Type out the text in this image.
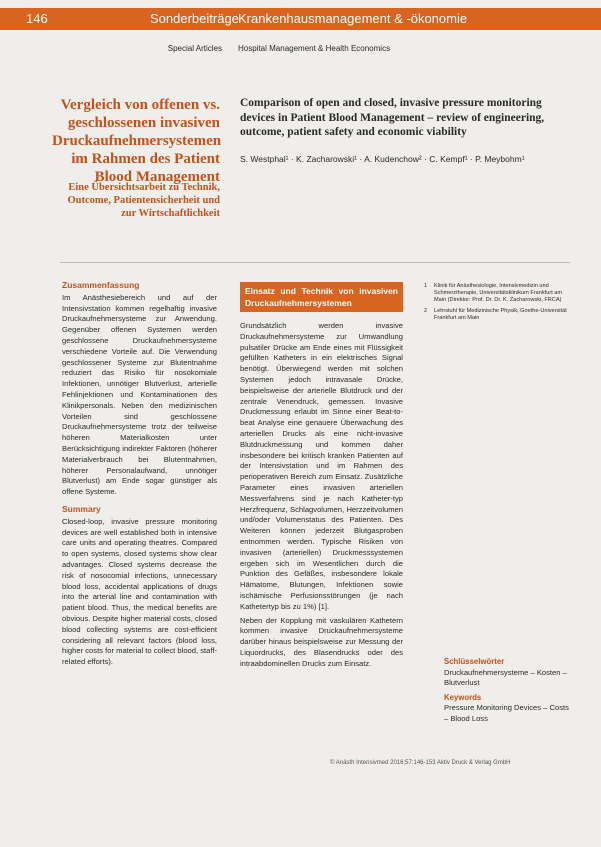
146	Sonderbeiträge Krankenhausmanagement & -ökonomie
Special Articles Hospital Management & Health Economics
Vergleich von offenen vs. geschlossenen invasiven Druckaufnehmersystemen im Rahmen des Patient Blood Management
Eine Übersichtsarbeit zu Technik, Outcome, Patientensicherheit und zur Wirtschaftlichkeit
Comparison of open and closed, invasive pressure monitoring devices in Patient Blood Management – review of engineering, outcome, patient safety and economic viability
S. Westphal¹ · K. Zacharowski¹ · A. Kudenchow² · C. Kempf¹ · P. Meybohm¹
Zusammenfassung

Im Anästhesiebereich und auf der Intensivstation kommen regelhaftig invasive Druckaufnehmersysteme zur Anwendung. Gegenüber offenen Systemen werden geschlossene Druckaufnehmersysteme verschiedene Vorteile auf. Die Verwendung geschlossener Systeme zur Blutentnahme reduziert das Risiko für nosokomiale Infektionen, unnötiger Blutverlust, arterielle Fehlinjektionen und Kontaminationen des Klinikpersonals. Neben den medizinischen Vorteilen sind geschlossene Druckaufnehmersysteme trotz der teilweise höheren Materialkosten unter Berücksichtigung indirekter Faktoren (höherer Materialverbrauch bei Blutentnahmen, höherer Personalaufwand, unnötiger Blutverlust) am Ende sogar günstiger als offene Systeme.

Summary

Closed-loop, invasive pressure monitoring devices are well established both in intensive care units and operating theatres. Compared to open systems, closed systems show clear advantages. Closed systems decrease the risk of nosocomial infections, unnecessary blood loss, accidental applications of drugs into the arterial line and contamination with patient blood. Thus, the medical benefits are obvious. Despite higher material costs, closed blood collecting systems are cost-efficient considering all relevant factors (blood loss, higher costs for material to collect blood, staff-related efforts).

Einsatz und Technik von invasiven Druckaufnehmersystemen

Grundsätzlich werden invasive Druckaufnehmersysteme zur Umwandlung pulsatiler Drücke am Ende eines mit Flüssigkeit gefüllten Katheters in ein elektrisches Signal benötigt. Überwiegend werden mit solchen Systemen jedoch intravasale Drücke, beispielsweise der arterielle Blutdruck und der zentrale Venendruck, gemessen. Invasive Druckmessung erlaubt im Sinne einer Beat-to-beat Analyse eine genauere Überwachung des arteriellen Drucks als eine nicht-invasive Blutdruckmessung und kommen daher insbesondere bei kritisch kranken Patienten auf der Intensivstation und im Rahmen des perioperativen Bereich zum Einsatz. Zusätzliche Parameter eines invasiven arteriellen Messverfahrens sind je nach Katheter-typ Herzfrequenz, Schlagvolumen, Herzzeitvolumen und/oder Volumenstatus des Patienten. Des Weiteren können jederzeit Blutgasproben entnommen werden. Typische Risiken von invasiven (arteriellen) Druckmesssystemen ergeben sich im Wesentlichen durch die Punktion des Gefäßes, insbesondere lokale Hämatome, Blutungen, Infektionen sowie ischämische Perfusionsstörungen (je nach Kathetertyp bis zu 1%) [1].

Neben der Kopplung mit vaskulären Kathetern kommen invasive Druckaufnehmersysteme darüber hinaus beispielsweise zur Messung der Liquordrucks, des Blasendrucks oder des intraabdominellen Drucks zum Einsatz.

1	Klinik für Anästhesiologie, Intensivmedizin und Schmerztherapie, Universitätsklinikum Frankfurt am Main (Direktor: Prof. Dr. Dr. K. Zacharowski, FRCA)
2	Lehrstuhl für Medizinische Physik, Goethe-Universität Frankfurt am Main
Schlüsselwörter

Druckaufnehmersysteme – Kosten – Blutverlust

Keywords

Pressure Monitoring Devices – Costs – Blood Loss

© Anästh Intensivmed 2016;57:146-153 Aktiv Druck & Verlag GmbH
